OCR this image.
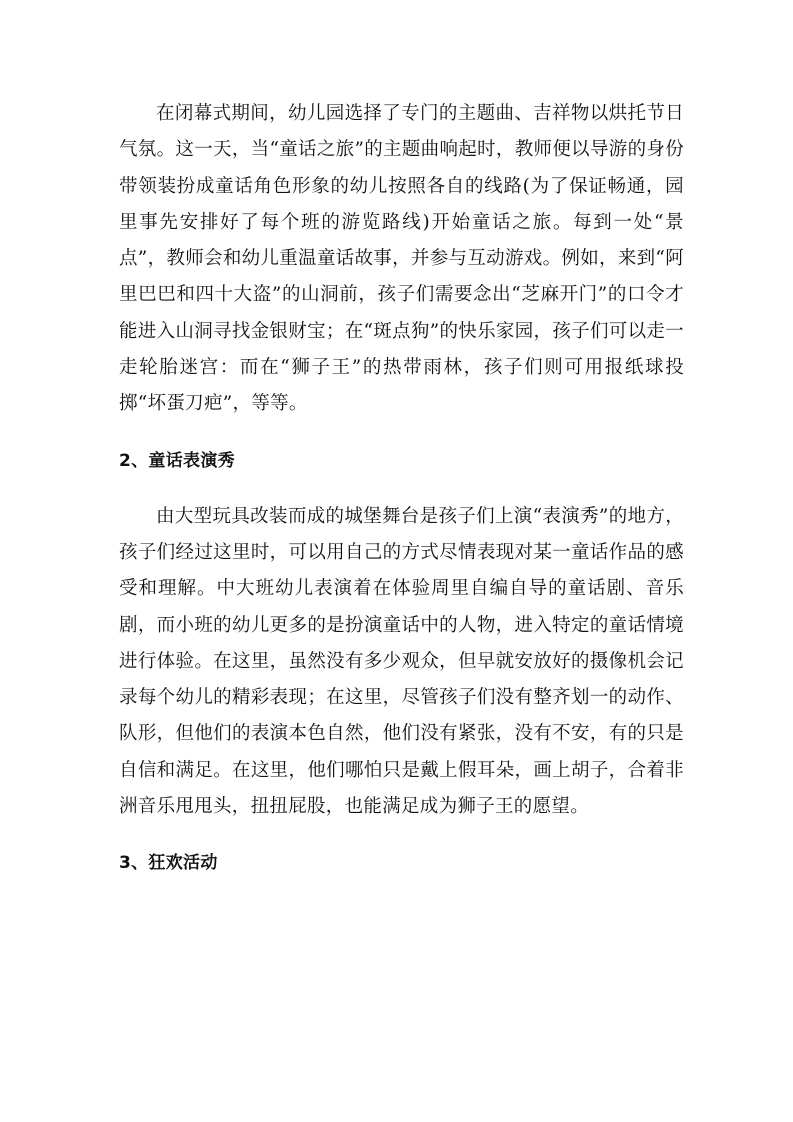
在闭幕式期间，幼儿园选择了专门的主题曲、吉祥物以烘托节日气氛。这一天，当“童话之旅”的主题曲响起时，教师便以导游的身份带领装扮成童话角色形象的幼儿按照各自的线路(为了保证畅通，园里事先安排好了每个班的游览路线)开始童话之旅。每到一处“景点”，教师会和幼儿重温童话故事，并参与互动游戏。例如，来到“阿里巴巴和四十大盗”的山洞前，孩子们需要念出“芝麻开门”的口令才能进入山洞寻找金银财宝；在“斑点狗”的快乐家园，孩子们可以走一走轮胎迷宫：而在“狮子王”的热带雨林，孩子们则可用报纸球投掷“坏蛋刀疤”，等等。

2、童话表演秀

由大型玩具改装而成的城堡舞台是孩子们上演“表演秀”的地方，孩子们经过这里时，可以用自己的方式尽情表现对某一童话作品的感受和理解。中大班幼儿表演着在体验周里自编自导的童话剧、音乐剧，而小班的幼儿更多的是扮演童话中的人物，进入特定的童话情境进行体验。在这里，虽然没有多少观众，但早就安放好的摄像机会记录每个幼儿的精彩表现；在这里，尽管孩子们没有整齐划一的动作、队形，但他们的表演本色自然，他们没有紧张，没有不安，有的只是自信和满足。在这里，他们哪怕只是戴上假耳朵，画上胡子，合着非洲音乐甩甩头，扭扭屁股，也能满足成为狮子王的愿望。

3、狂欢活动
